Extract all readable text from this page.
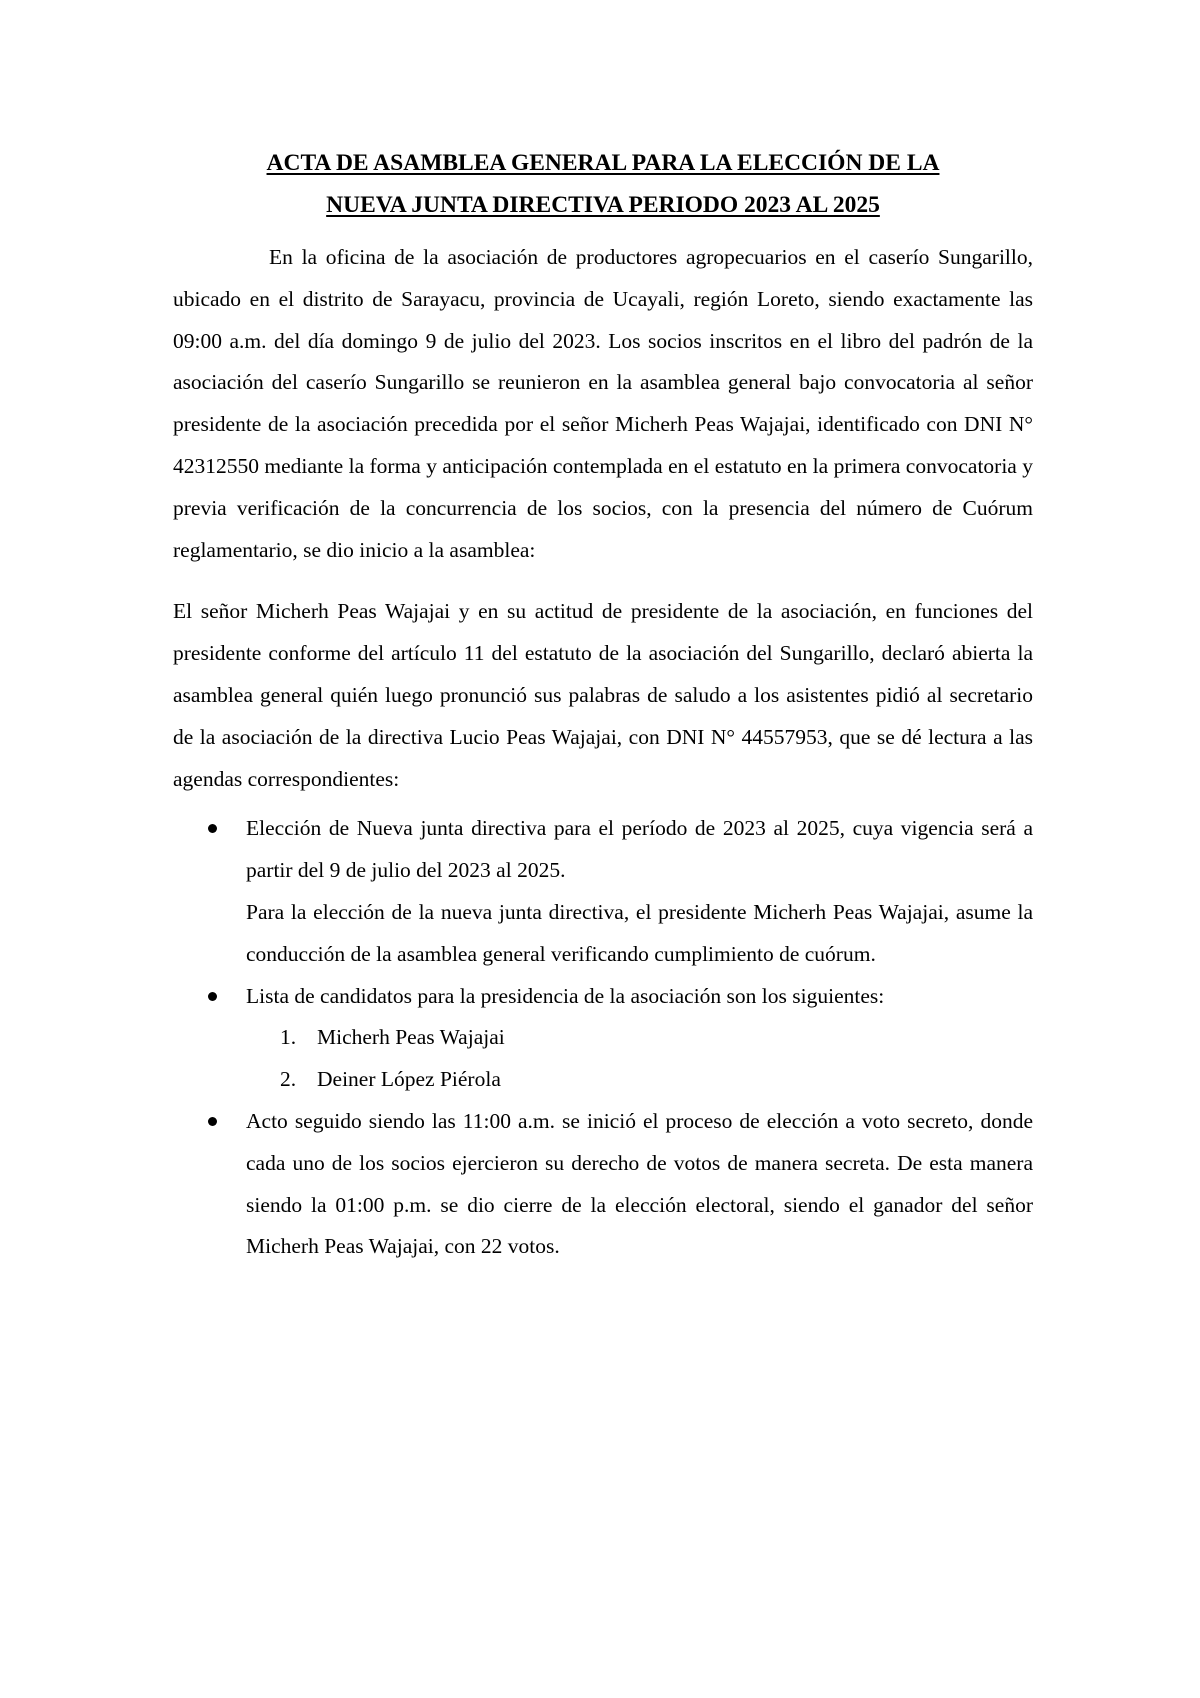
ACTA DE ASAMBLEA GENERAL PARA LA ELECCIÓN DE LA
NUEVA JUNTA DIRECTIVA PERIODO 2023 AL 2025

En la oficina de la asociación de productores agropecuarios en el caserío Sungarillo, ubicado en el distrito de Sarayacu, provincia de Ucayali, región Loreto, siendo exactamente las 09:00 a.m. del día domingo 9 de julio del 2023. Los socios inscritos en el libro del padrón de la asociación del caserío Sungarillo se reunieron en la asamblea general bajo convocatoria al señor presidente de la asociación precedida por el señor Micherh Peas Wajajai, identificado con DNI N° 42312550 mediante la forma y anticipación contemplada en el estatuto en la primera convocatoria y previa verificación de la concurrencia de los socios, con la presencia del número de Cuórum reglamentario, se dio inicio a la asamblea:

El señor Micherh Peas Wajajai y en su actitud de presidente de la asociación, en funciones del presidente conforme del artículo 11 del estatuto de la asociación del Sungarillo, declaró abierta la asamblea general quién luego pronunció sus palabras de saludo a los asistentes pidió al secretario de la asociación de la directiva Lucio Peas Wajajai, con DNI N° 44557953, que se dé lectura a las agendas correspondientes:

Elección de Nueva junta directiva para el período de 2023 al 2025, cuya vigencia será a partir del 9 de julio del 2023 al 2025.

Para la elección de la nueva junta directiva, el presidente Micherh Peas Wajajai, asume la conducción de la asamblea general verificando cumplimiento de cuórum.

Lista de candidatos para la presidencia de la asociación son los siguientes:

1. Micherh Peas Wajajai
2. Deiner López Piérola

Acto seguido siendo las 11:00 a.m. se inició el proceso de elección a voto secreto, donde cada uno de los socios ejercieron su derecho de votos de manera secreta. De esta manera siendo la 01:00 p.m. se dio cierre de la elección electoral, siendo el ganador del señor Micherh Peas Wajajai, con 22 votos.
